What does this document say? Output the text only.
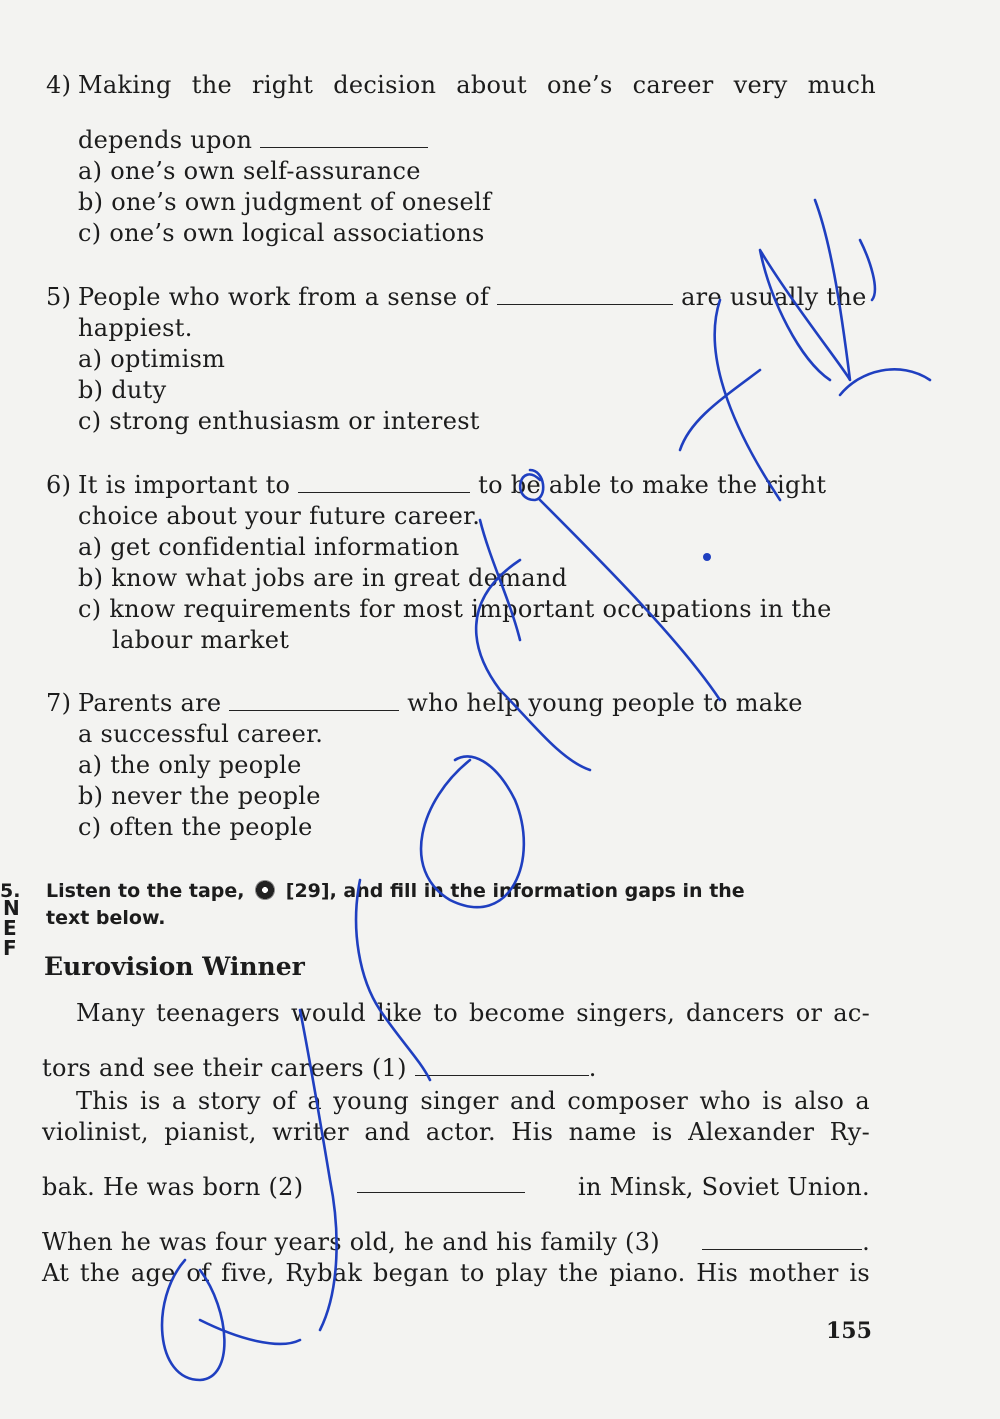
4) Making the right decision about one’s career very much
depends upon
a) one’s own self-assurance
b) one’s own judgment of oneself
c) one’s own logical associations
5) People who work from a sense of	are usually the
happiest.
a) optimism
b) duty
c) strong enthusiasm or interest
6) It is important to	to be able to make the right
choice about your future career.
a) get confidential information
b) know what jobs are in great demand
c) know requirements for most important occupations in the
labour market
7) Parents are	who help young people to make
a successful career.
a) the only people
b) never the people
c) often the people
5. Listen to the tape, [29], and fill in the information gaps in the
text below.
N
E
F
Eurovision Winner
Many teenagers would like to become singers, dancers or ac-
tors and see their careers (1)	.
This is a story of a young singer and composer who is also a
violinist, pianist, writer and actor. His name is Alexander Ry-
bak. He was born (2)	in Minsk, Soviet Union.
When he was four years old, he and his family (3)	.
At the age of five, Rybak began to play the piano. His mother is
155
